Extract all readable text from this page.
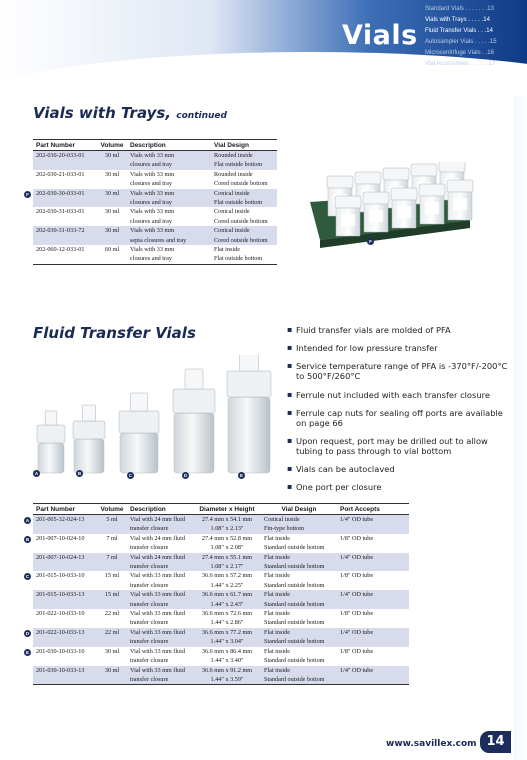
Vials
Standard Vials . . . . . . .13
Vials with Trays . . . . .14
Fluid Transfer Vials . . .14
Autosampler Vials . . . . .15
Microcentrifuge Vials . .16
Vial Accessories . . . . . .17
Vials with Trays, continued
Part Number	Volume	Description	Vial Design
202-030-20-033-01	30 ml	Vials with 33 mm	Rounded inside
		closures and tray	Flat outside bottom
202-030-21-033-01	30 ml	Vials with 33 mm	Rounded inside
		closures and tray	Cored outside bottom
202-030-30-033-01	30 ml	Vials with 33 mm	Conical inside
		closures and tray	Flat outside bottom
202-030-31-033-01	30 ml	Vials with 33 mm	Conical inside
		closures and tray	Cored outside bottom
202-030-31-033-72	30 ml	Vials with 33 mm	Conical inside
		septa closures and tray	Cored outside bottom
202-060-12-033-01	60 ml	Vials with 33 mm	Flat inside
		closures and tray	Flat outside bottom
F
Fluid Transfer Vials
A	B	C	D	E
▪ Fluid transfer vials are molded of PFA
▪ Intended for low pressure transfer
▪ Service temperature range of PFA is -370°F/-200°C to 500°F/260°C
▪ Ferrule nut included with each transfer closure
▪ Ferrule cap nuts for sealing off ports are available on page 66
▪ Upon request, port may be drilled out to allow tubing to pass through to vial bottom
▪ Vials can be autoclaved
▪ One port per closure
Part Number	Volume	Description	Diameter x Height	Vial Design	Port Accepts
201-005-32-024-13	5 ml	Vial with 24 mm fluid	27.4 mm x 54.1 mm	Conical inside	1/4" OD tube
		transfer closure	1.08" x 2.13"	Fin-type bottom	
201-007-10-024-10	7 ml	Vial with 24 mm fluid	27.4 mm x 52.8 mm	Flat inside	1/8" OD tube
		transfer closure	1.08" x 2.08"	Standard outside bottom	
201-007-10-024-13	7 ml	Vial with 24 mm fluid	27.4 mm x 55.1 mm	Flat inside	1/4" OD tube
		transfer closure	1.08" x 2.17"	Standard outside bottom	
201-015-10-033-10	15 ml	Vial with 33 mm fluid	36.6 mm x 57.2 mm	Flat inside	1/8" OD tube
		transfer closure	1.44" x 2.25"	Standard outside bottom	
201-015-10-033-13	15 ml	Vial with 33 mm fluid	36.6 mm x 61.7 mm	Flat inside	1/4" OD tube
		transfer closure	1.44" x 2.43"	Standard outside bottom	
201-022-10-033-10	22 ml	Vial with 33 mm fluid	36.6 mm x 72.6 mm	Flat inside	1/8" OD tube
		transfer closure	1.44" x 2.86"	Standard outside bottom	
201-022-10-033-13	22 ml	Vial with 33 mm fluid	36.6 mm x 77.2 mm	Flat inside	1/4" OD tube
		transfer closure	1.44" x 3.04"	Standard outside bottom	
201-030-10-033-10	30 ml	Vial with 33 mm fluid	36.6 mm x 86.4 mm	Flat inside	1/8" OD tube
		transfer closure	1.44" x 3.40"	Standard outside bottom	
201-030-10-033-13	30 ml	Vial with 33 mm fluid	36.6 mm x 91.2 mm	Flat inside	1/4" OD tube
		transfer closure	1.44" x 3.59"	Standard outside bottom	
A
B
C
D
E
www.savillex.com 14
F
